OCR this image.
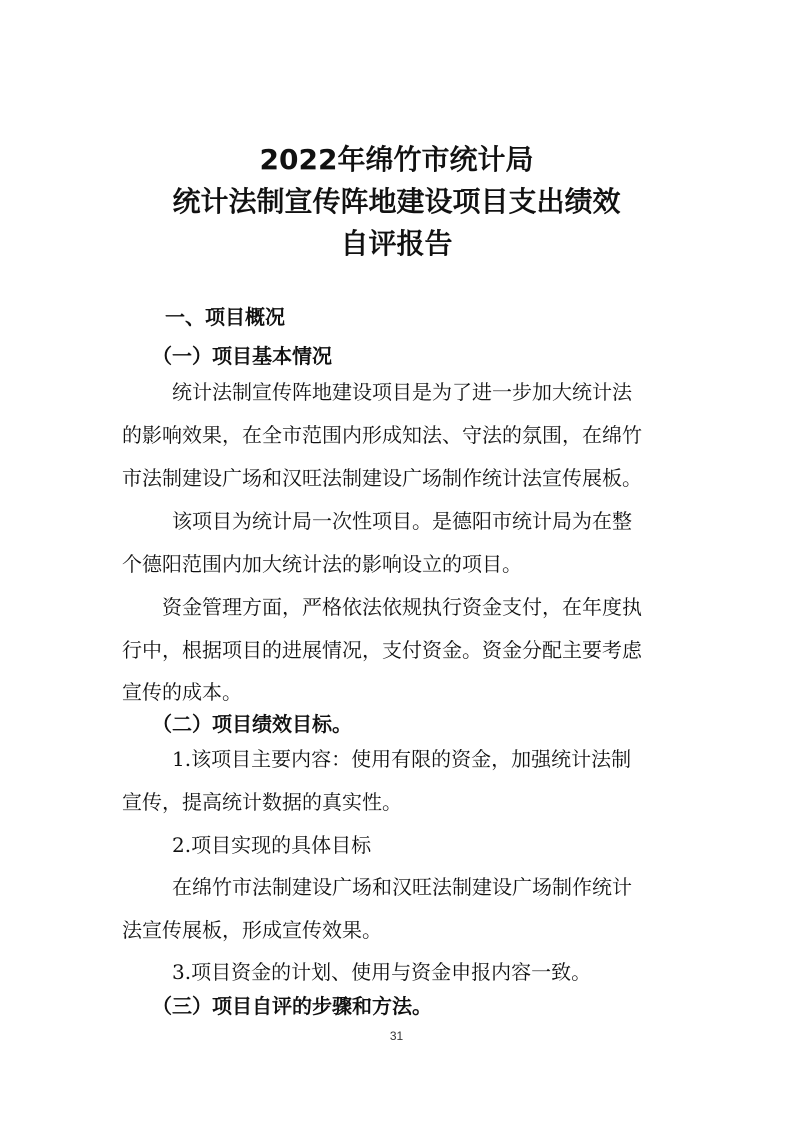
2022年绵竹市统计局
统计法制宣传阵地建设项目支出绩效
自评报告
一、项目概况
（一）项目基本情况
统计法制宣传阵地建设项目是为了进一步加大统计法
的影响效果，在全市范围内形成知法、守法的氛围，在绵竹
市法制建设广场和汉旺法制建设广场制作统计法宣传展板。
该项目为统计局一次性项目。是德阳市统计局为在整
个德阳范围内加大统计法的影响设立的项目。
资金管理方面，严格依法依规执行资金支付，在年度执
行中，根据项目的进展情况，支付资金。资金分配主要考虑
宣传的成本。
（二）项目绩效目标。
1.该项目主要内容：使用有限的资金，加强统计法制
宣传，提高统计数据的真实性。
2.项目实现的具体目标
在绵竹市法制建设广场和汉旺法制建设广场制作统计
法宣传展板，形成宣传效果。
3.项目资金的计划、使用与资金申报内容一致。
（三）项目自评的步骤和方法。
31
